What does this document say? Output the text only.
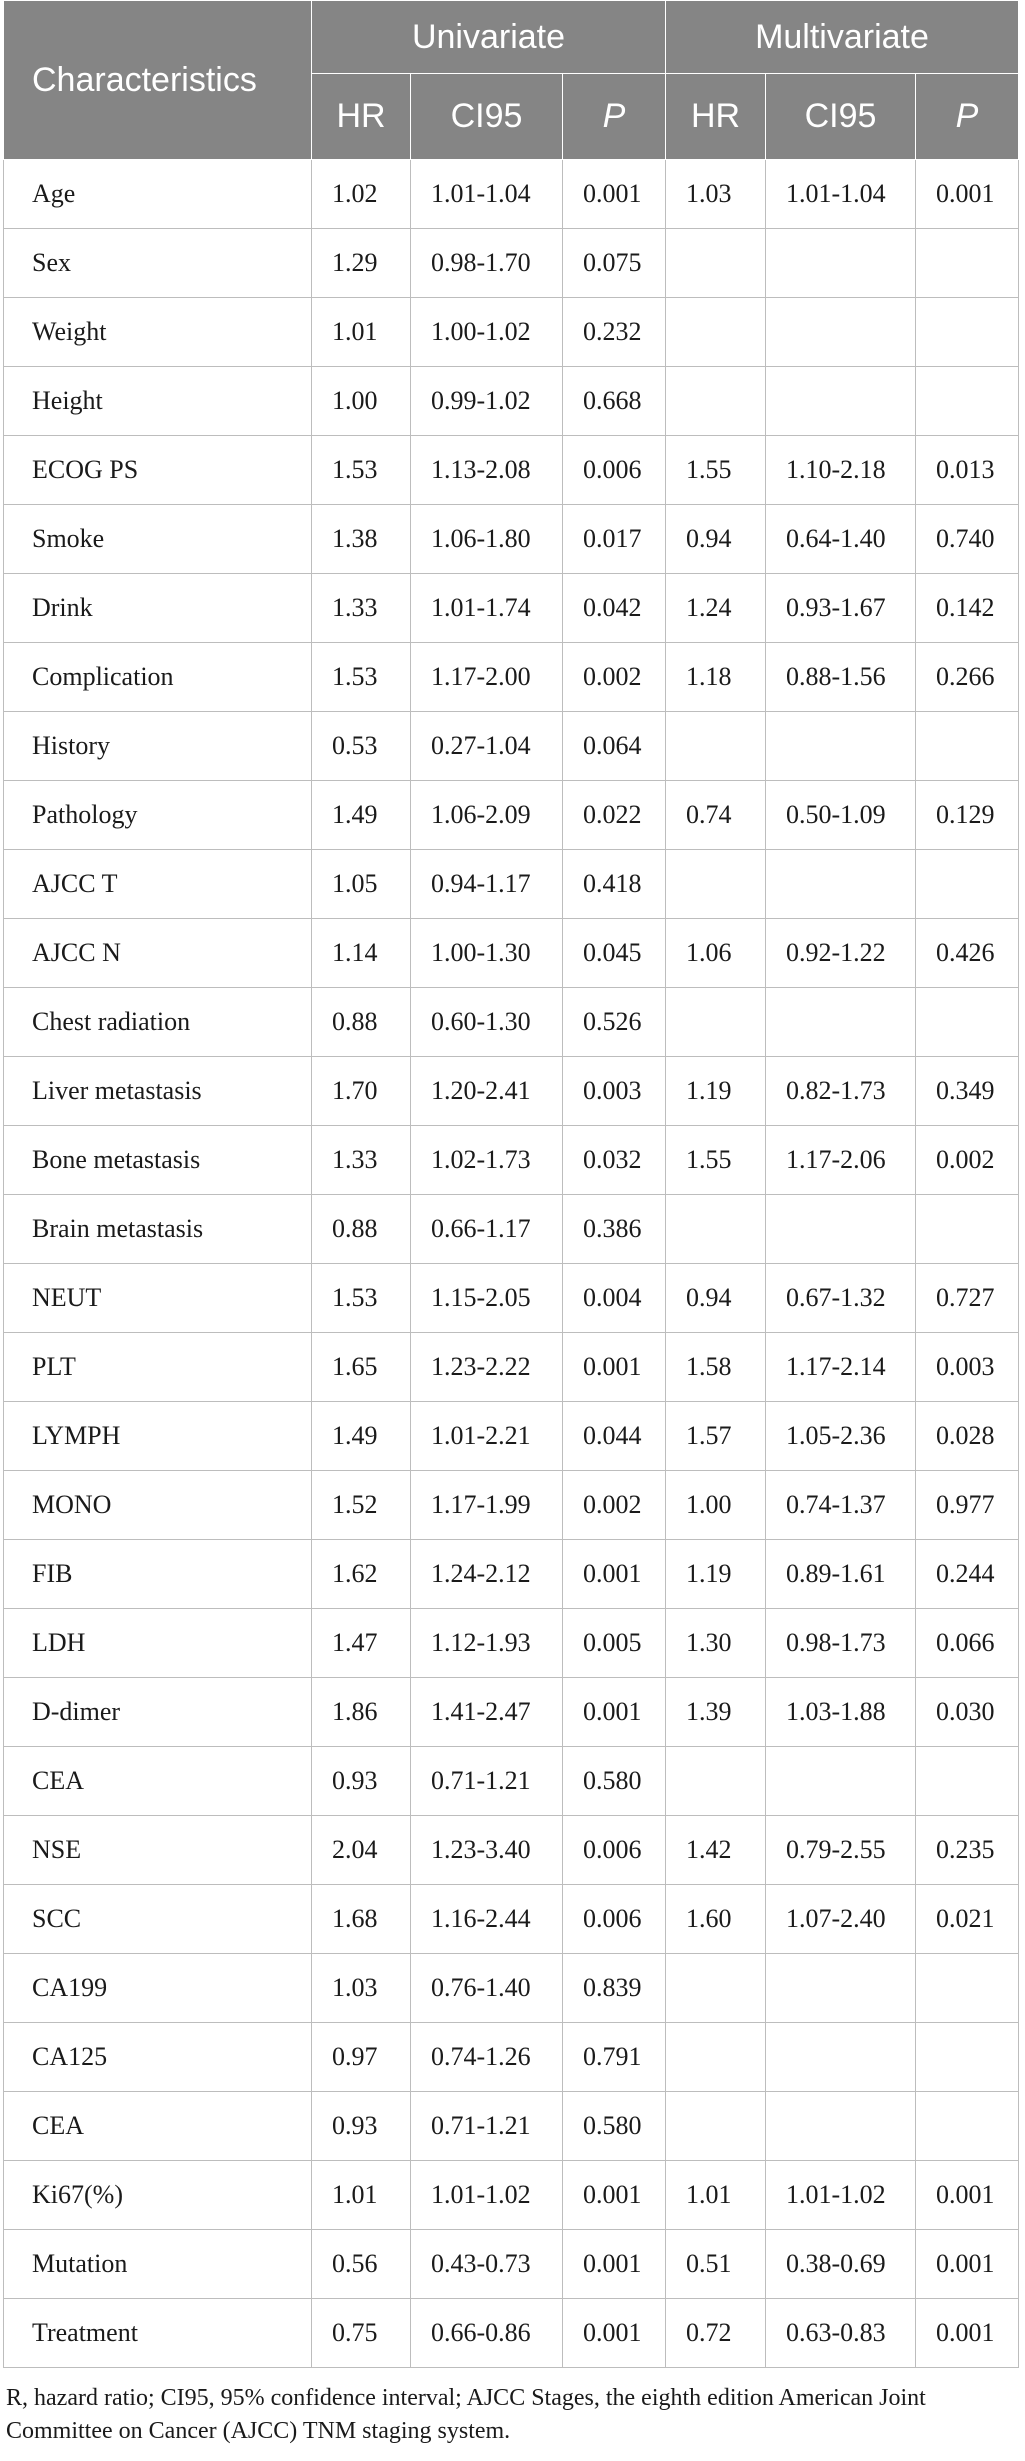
Characteristics	Univariate			Multivariate		
	HR	CI95	P	HR	CI95	P
Age	1.02	1.01-1.04	0.001	1.03	1.01-1.04	0.001
Sex	1.29	0.98-1.70	0.075			
Weight	1.01	1.00-1.02	0.232			
Height	1.00	0.99-1.02	0.668			
ECOG PS	1.53	1.13-2.08	0.006	1.55	1.10-2.18	0.013
Smoke	1.38	1.06-1.80	0.017	0.94	0.64-1.40	0.740
Drink	1.33	1.01-1.74	0.042	1.24	0.93-1.67	0.142
Complication	1.53	1.17-2.00	0.002	1.18	0.88-1.56	0.266
History	0.53	0.27-1.04	0.064			
Pathology	1.49	1.06-2.09	0.022	0.74	0.50-1.09	0.129
AJCC T	1.05	0.94-1.17	0.418			
AJCC N	1.14	1.00-1.30	0.045	1.06	0.92-1.22	0.426
Chest radiation	0.88	0.60-1.30	0.526			
Liver metastasis	1.70	1.20-2.41	0.003	1.19	0.82-1.73	0.349
Bone metastasis	1.33	1.02-1.73	0.032	1.55	1.17-2.06	0.002
Brain metastasis	0.88	0.66-1.17	0.386			
NEUT	1.53	1.15-2.05	0.004	0.94	0.67-1.32	0.727
PLT	1.65	1.23-2.22	0.001	1.58	1.17-2.14	0.003
LYMPH	1.49	1.01-2.21	0.044	1.57	1.05-2.36	0.028
MONO	1.52	1.17-1.99	0.002	1.00	0.74-1.37	0.977
FIB	1.62	1.24-2.12	0.001	1.19	0.89-1.61	0.244
LDH	1.47	1.12-1.93	0.005	1.30	0.98-1.73	0.066
D-dimer	1.86	1.41-2.47	0.001	1.39	1.03-1.88	0.030
CEA	0.93	0.71-1.21	0.580			
NSE	2.04	1.23-3.40	0.006	1.42	0.79-2.55	0.235
SCC	1.68	1.16-2.44	0.006	1.60	1.07-2.40	0.021
CA199	1.03	0.76-1.40	0.839			
CA125	0.97	0.74-1.26	0.791			
CEA	0.93	0.71-1.21	0.580			
Ki67(%)	1.01	1.01-1.02	0.001	1.01	1.01-1.02	0.001
Mutation	0.56	0.43-0.73	0.001	0.51	0.38-0.69	0.001
Treatment	0.75	0.66-0.86	0.001	0.72	0.63-0.83	0.001
R, hazard ratio; CI95, 95% confidence interval; AJCC Stages, the eighth edition American Joint
Committee on Cancer (AJCC) TNM staging system.
